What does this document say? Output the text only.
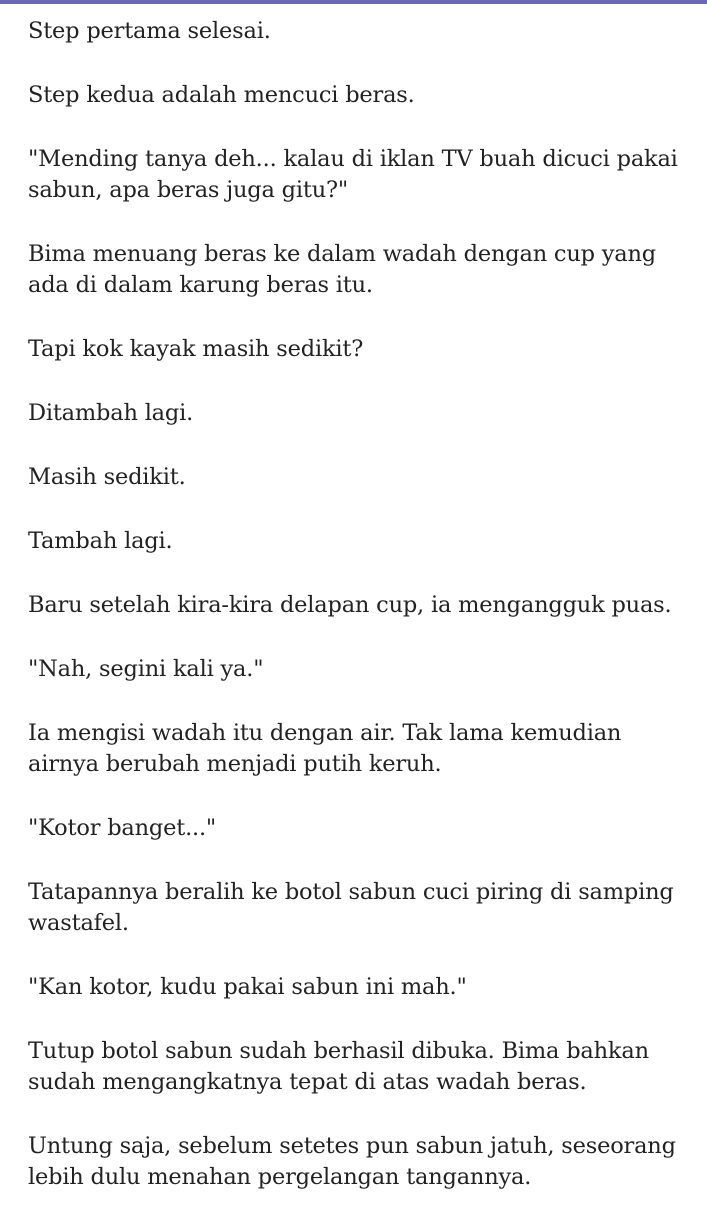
Step pertama selesai.

Step kedua adalah mencuci beras.

"Mending tanya deh... kalau di iklan TV buah dicuci pakai sabun, apa beras juga gitu?"

Bima menuang beras ke dalam wadah dengan cup yang ada di dalam karung beras itu.

Tapi kok kayak masih sedikit?

Ditambah lagi.

Masih sedikit.

Tambah lagi.

Baru setelah kira-kira delapan cup, ia mengangguk puas.

"Nah, segini kali ya."

Ia mengisi wadah itu dengan air. Tak lama kemudian airnya berubah menjadi putih keruh.

"Kotor banget..."

Tatapannya beralih ke botol sabun cuci piring di samping wastafel.

"Kan kotor, kudu pakai sabun ini mah."

Tutup botol sabun sudah berhasil dibuka. Bima bahkan sudah mengangkatnya tepat di atas wadah beras.

Untung saja, sebelum setetes pun sabun jatuh, seseorang lebih dulu menahan pergelangan tangannya.
